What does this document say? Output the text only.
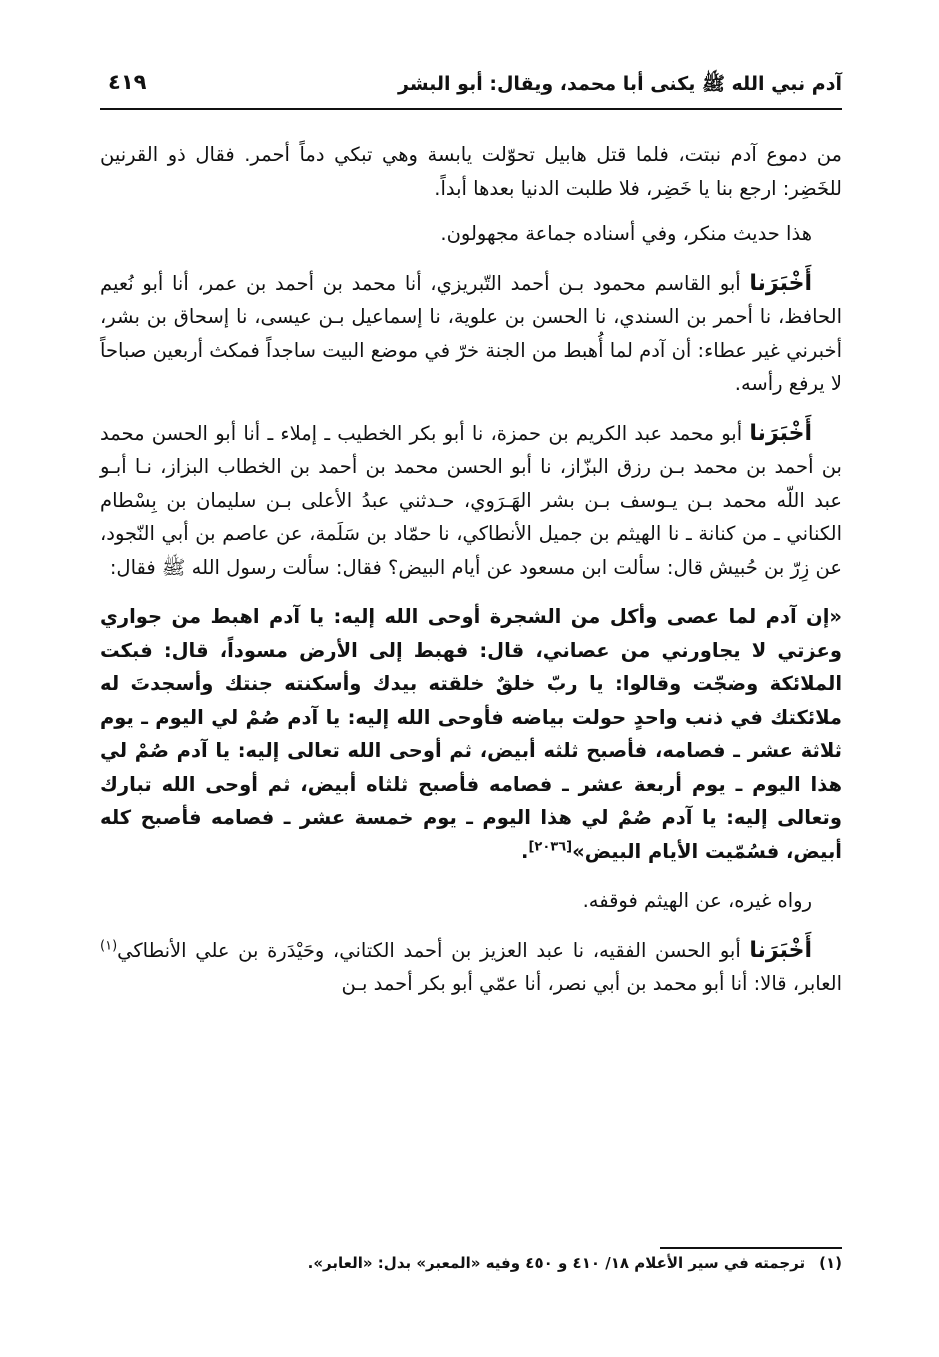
آدم نبي الله ﷺ يكنى أبا محمد، ويقال: أبو البشر
٤١٩

من دموع آدم نبتت، فلما قتل هابيل تحوّلت يابسة وهي تبكي دماً أحمر. فقال ذو القرنين للخَضِر: ارجع بنا يا خَضِر، فلا طلبت الدنيا بعدها أبداً.

هذا حديث منكر، وفي أسناده جماعة مجهولون.

أَخْبَرَنا أبو القاسم محمود بـن أحمد التّبريزي، أنا محمد بن أحمد بن عمر، أنا أبو نُعيم الحافظ، نا أحمر بن السندي، نا الحسن بن علوية، نا إسماعيل بـن عيسى، نا إسحاق بن بشر، أخبرني غير عطاء: أن آدم لما أُهبط من الجنة خرّ في موضع البيت ساجداً فمكث أربعين صباحاً لا يرفع رأسه.

أَخْبَرَنا أبو محمد عبد الكريم بن حمزة، نا أبو بكر الخطيب ـ إملاء ـ أنا أبو الحسن محمد بن أحمد بن محمد بـن رزق البزّاز، نا أبو الحسن محمد بن أحمد بن الخطاب البزاز، نـا أبـو عبد اللّه محمد بـن يـوسف بـن بشر الهَـرَوي، حـدثني عبدُ الأعلى بـن سليمان بن بِسْطام الكناني ـ من كنانة ـ نا الهيثم بن جميل الأنطاكي، نا حمّاد بن سَلَمة، عن عاصم بن أبي النّجود، عن زِرّ بن حُبيش قال: سألت ابن مسعود عن أيام البيض؟ فقال: سألت رسول الله ﷺ فقال:

«إن آدم لما عصى وأكل من الشجرة أوحى الله إليه: يا آدم اهبط من جواري وعزتي لا يجاورني من عصاني، قال: فهبط إلى الأرض مسوداً، قال: فبكت الملائكة وضجّت وقالوا: يا ربّ خلقٌ خلقته بيدك وأسكنته جنتك وأسجدتَ له ملائكتك في ذنب واحدٍ حولت بياضه فأوحى الله إليه: يا آدم صُمْ لي اليوم ـ يوم ثلاثة عشر ـ فصامه، فأصبح ثلثه أبيض، ثم أوحى الله تعالى إليه: يا آدم صُمْ لي هذا اليوم ـ يوم أربعة عشر ـ فصامه فأصبح ثلثاه أبيض، ثم أوحى الله تبارك وتعالى إليه: يا آدم صُمْ لي هذا اليوم ـ يوم خمسة عشر ـ فصامه فأصبح كله أبيض، فسُمّيت الأيام البيض»[٢٠٣٦].

رواه غيره، عن الهيثم فوقفه.

أَخْبَرَنا أبو الحسن الفقيه، نا عبد العزيز بن أحمد الكتاني، وحَيْدَرة بن علي الأنطاكي$^{(١)}$ العابر، قالا: أنا أبو محمد بن أبي نصر، أنا عمّي أبو بكر أحمد بـن

(١)ترجمته في سير الأعلام ١٨/ ٤١٠ و ٤٥٠ وفيه «المعبر» بدل: «العابر».
